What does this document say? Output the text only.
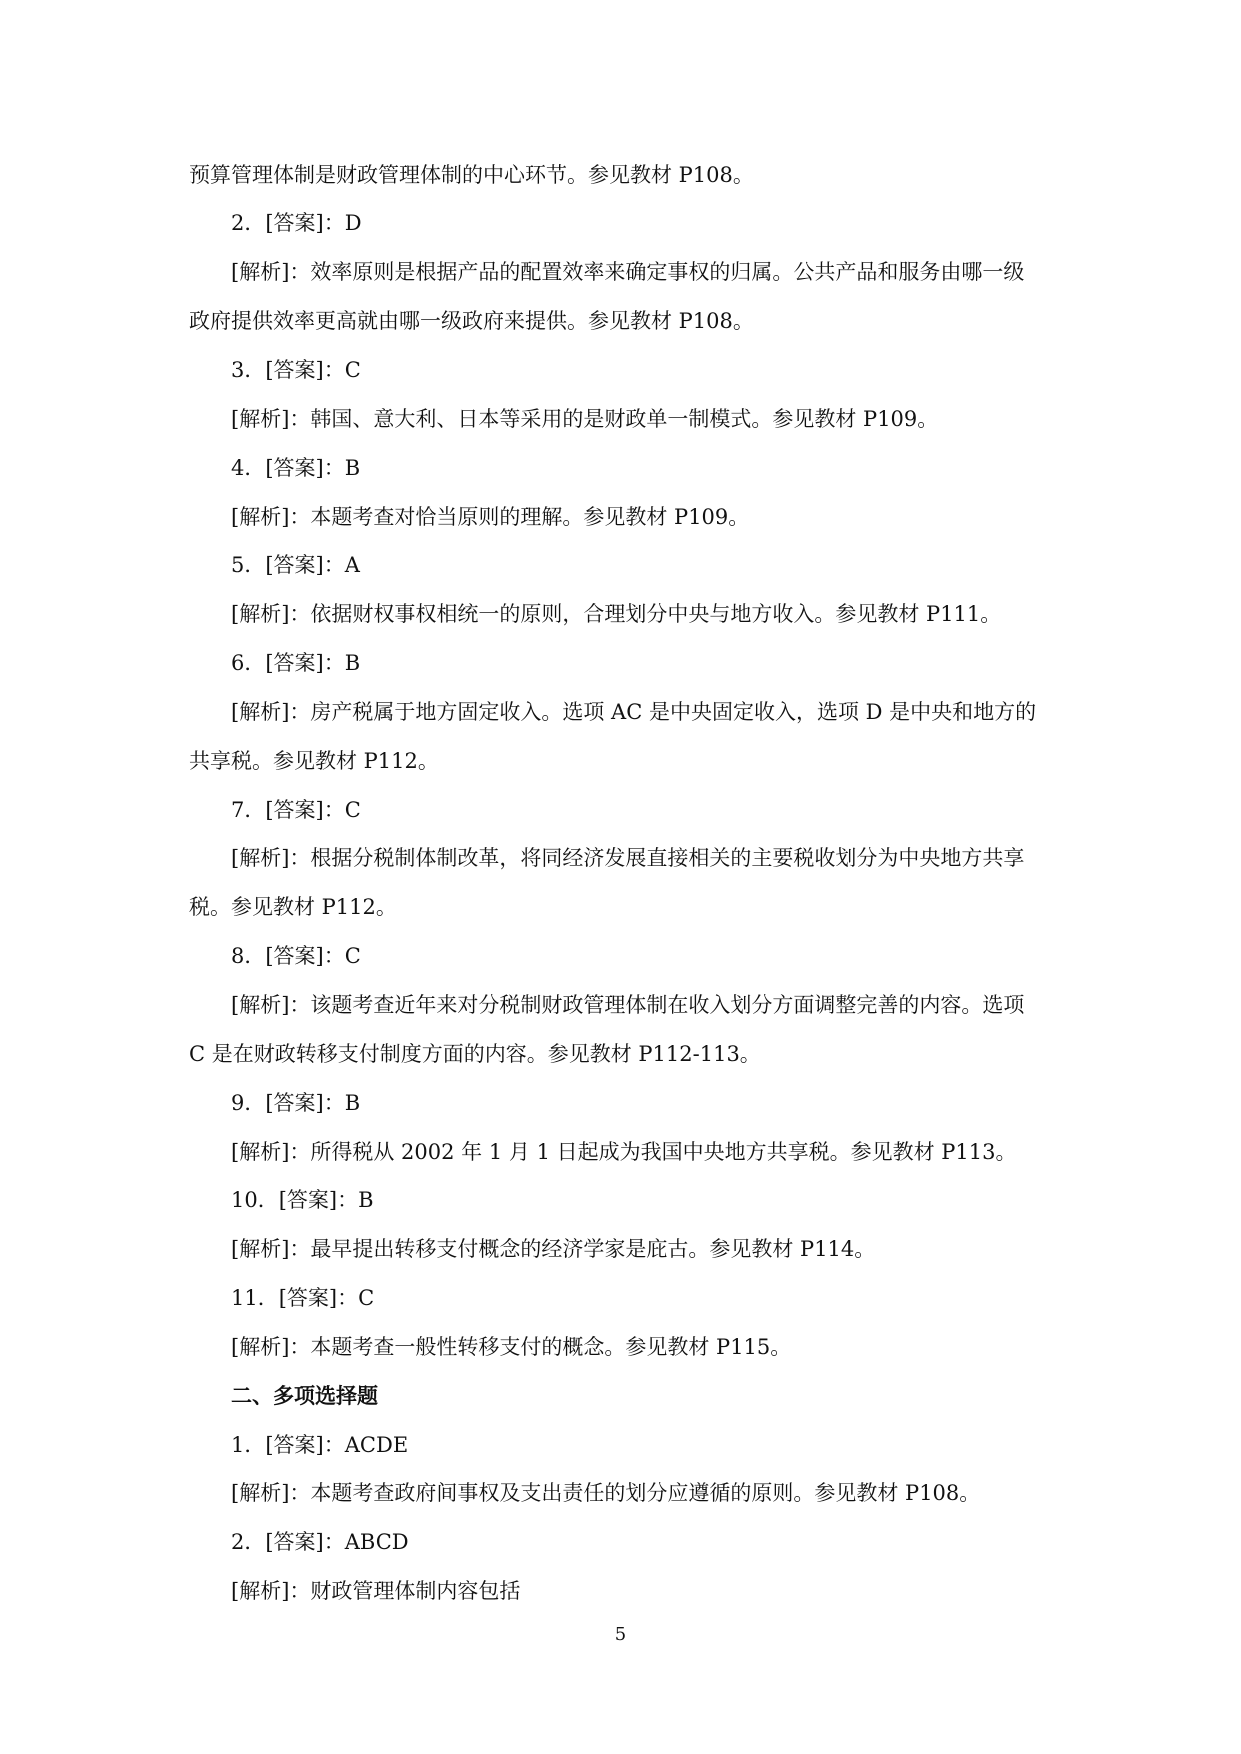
预算管理体制是财政管理体制的中心环节。参见教材 P108。
2．[答案]：D
[解析]：效率原则是根据产品的配置效率来确定事权的归属。公共产品和服务由哪一级
政府提供效率更高就由哪一级政府来提供。参见教材 P108。
3．[答案]：C
[解析]：韩国、意大利、日本等采用的是财政单一制模式。参见教材 P109。
4．[答案]：B
[解析]：本题考查对恰当原则的理解。参见教材 P109。
5．[答案]：A
[解析]：依据财权事权相统一的原则，合理划分中央与地方收入。参见教材 P111。
6．[答案]：B
[解析]：房产税属于地方固定收入。选项 AC 是中央固定收入，选项 D 是中央和地方的
共享税。参见教材 P112。
7．[答案]：C
[解析]：根据分税制体制改革，将同经济发展直接相关的主要税收划分为中央地方共享
税。参见教材 P112。
8．[答案]：C
[解析]：该题考查近年来对分税制财政管理体制在收入划分方面调整完善的内容。选项
C 是在财政转移支付制度方面的内容。参见教材 P112-113。
9．[答案]：B
[解析]：所得税从 2002 年 1 月 1 日起成为我国中央地方共享税。参见教材 P113。
10．[答案]：B
[解析]：最早提出转移支付概念的经济学家是庇古。参见教材 P114。
11．[答案]：C
[解析]：本题考查一般性转移支付的概念。参见教材 P115。
二、多项选择题
1．[答案]：ACDE
[解析]：本题考查政府间事权及支出责任的划分应遵循的原则。参见教材 P108。
2．[答案]：ABCD
[解析]：财政管理体制内容包括
5
